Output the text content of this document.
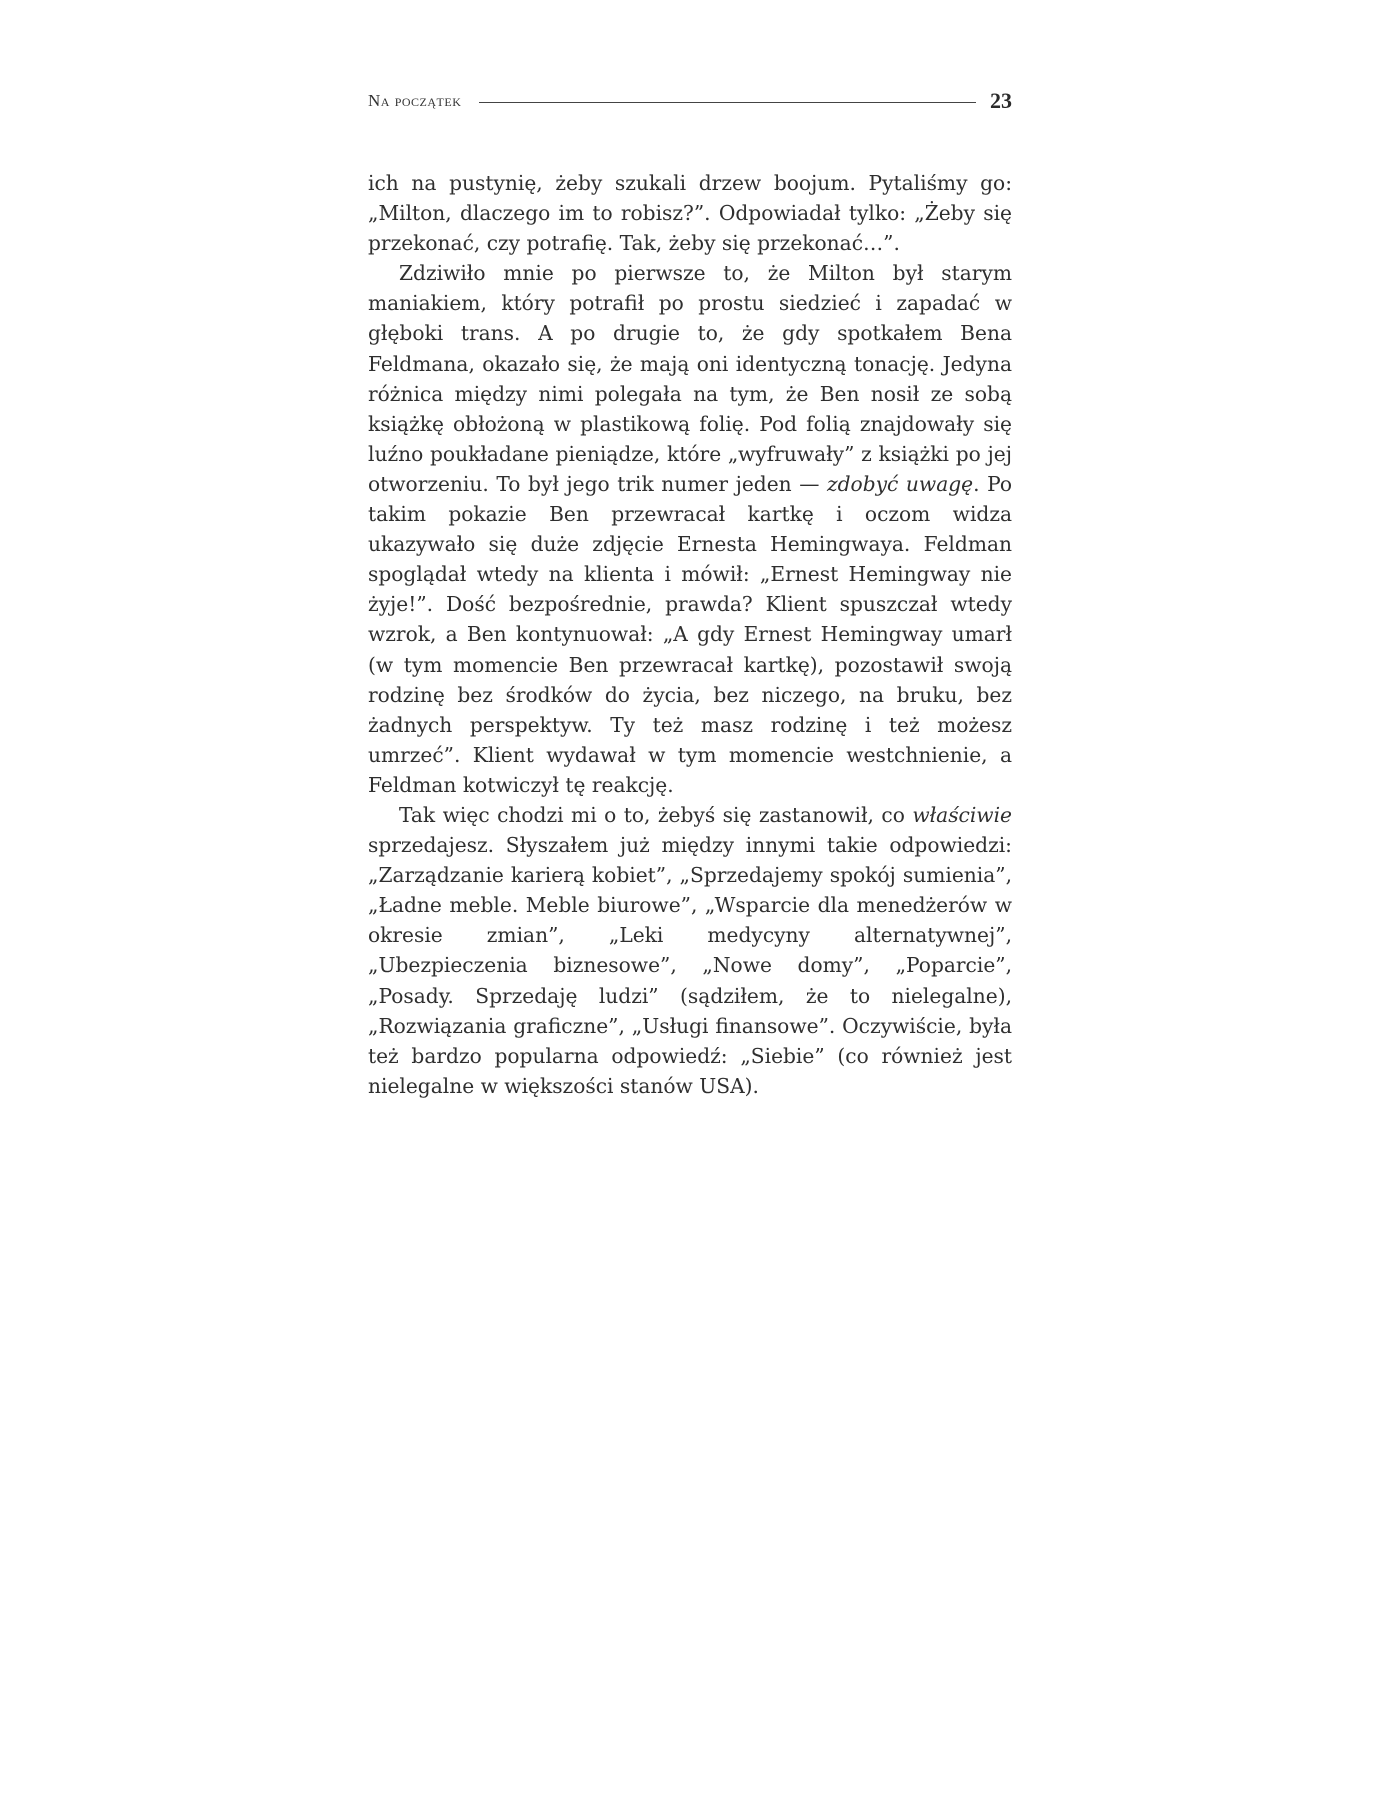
Na początek	23

ich na pustynię, żeby szukali drzew boojum. Pytaliśmy go: „Milton, dlaczego im to robisz?”. Odpowiadał tylko: „Żeby się przekonać, czy potrafię. Tak, żeby się przekonać…”.

Zdziwiło mnie po pierwsze to, że Milton był starym maniakiem, który potrafił po prostu siedzieć i zapadać w głęboki trans. A po drugie to, że gdy spotkałem Bena Feldmana, okazało się, że mają oni identyczną tonację. Jedyna różnica między nimi polegała na tym, że Ben nosił ze sobą książkę obłożoną w plastikową folię. Pod folią znajdowały się luźno poukładane pieniądze, które „wyfruwały” z książki po jej otworzeniu. To był jego trik numer jeden — zdobyć uwagę. Po takim pokazie Ben przewracał kartkę i oczom widza ukazywało się duże zdjęcie Ernesta Hemingwaya. Feldman spoglądał wtedy na klienta i mówił: „Ernest Hemingway nie żyje!”. Dość bezpośrednie, prawda? Klient spuszczał wtedy wzrok, a Ben kontynuował: „A gdy Ernest Hemingway umarł (w tym momencie Ben przewracał kartkę), pozostawił swoją rodzinę bez środków do życia, bez niczego, na bruku, bez żadnych perspektyw. Ty też masz rodzinę i też możesz umrzeć”. Klient wydawał w tym momencie westchnienie, a Feldman kotwiczył tę reakcję.

Tak więc chodzi mi o to, żebyś się zastanowił, co właściwie sprzedajesz. Słyszałem już między innymi takie odpowiedzi: „Zarządzanie karierą kobiet”, „Sprzedajemy spokój sumienia”, „Ładne meble. Meble biurowe”, „Wsparcie dla menedżerów w okresie zmian”, „Leki medycyny alternatywnej”, „Ubezpieczenia biznesowe”, „Nowe domy”, „Poparcie”, „Posady. Sprzedaję ludzi” (sądziłem, że to nielegalne), „Rozwiązania graficzne”, „Usługi finansowe”. Oczywiście, była też bardzo popularna odpowiedź: „Siebie” (co również jest nielegalne w większości stanów USA).
